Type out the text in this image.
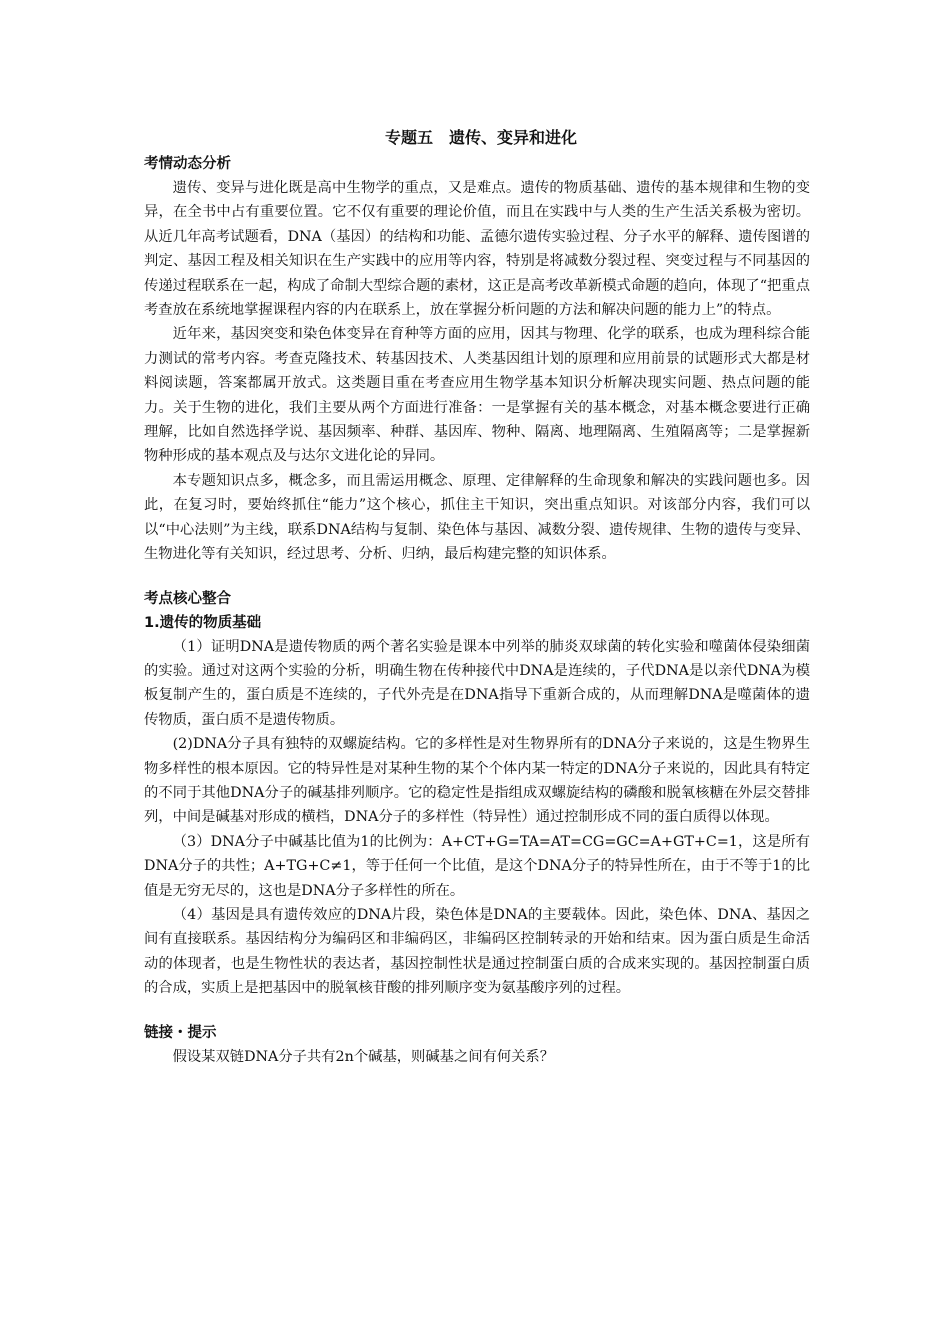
专题五　遗传、变异和进化
考情动态分析

遗传、变异与进化既是高中生物学的重点，又是难点。遗传的物质基础、遗传的基本规律和生物的变异，在全书中占有重要位置。它不仅有重要的理论价值，而且在实践中与人类的生产生活关系极为密切。从近几年高考试题看，DNA（基因）的结构和功能、孟德尔遗传实验过程、分子水平的解释、遗传图谱的判定、基因工程及相关知识在生产实践中的应用等内容，特别是将减数分裂过程、突变过程与不同基因的传递过程联系在一起，构成了命制大型综合题的素材，这正是高考改革新模式命题的趋向，体现了“把重点考查放在系统地掌握课程内容的内在联系上，放在掌握分析问题的方法和解决问题的能力上”的特点。

近年来，基因突变和染色体变异在育种等方面的应用，因其与物理、化学的联系，也成为理科综合能力测试的常考内容。考查克隆技术、转基因技术、人类基因组计划的原理和应用前景的试题形式大都是材料阅读题，答案都属开放式。这类题目重在考查应用生物学基本知识分析解决现实问题、热点问题的能力。关于生物的进化，我们主要从两个方面进行准备：一是掌握有关的基本概念，对基本概念要进行正确理解，比如自然选择学说、基因频率、种群、基因库、物种、隔离、地理隔离、生殖隔离等；二是掌握新物种形成的基本观点及与达尔文进化论的异同。

本专题知识点多，概念多，而且需运用概念、原理、定律解释的生命现象和解决的实践问题也多。因此，在复习时，要始终抓住“能力”这个核心，抓住主干知识，突出重点知识。对该部分内容，我们可以以“中心法则”为主线，联系DNA结构与复制、染色体与基因、减数分裂、遗传规律、生物的遗传与变异、生物进化等有关知识，经过思考、分析、归纳，最后构建完整的知识体系。

考点核心整合
1.遗传的物质基础

（1）证明DNA是遗传物质的两个著名实验是课本中列举的肺炎双球菌的转化实验和噬菌体侵染细菌的实验。通过对这两个实验的分析，明确生物在传种接代中DNA是连续的，子代DNA是以亲代DNA为模板复制产生的，蛋白质是不连续的，子代外壳是在DNA指导下重新合成的，从而理解DNA是噬菌体的遗传物质，蛋白质不是遗传物质。

(2)DNA分子具有独特的双螺旋结构。它的多样性是对生物界所有的DNA分子来说的，这是生物界生物多样性的根本原因。它的特异性是对某种生物的某个个体内某一特定的DNA分子来说的，因此具有特定的不同于其他DNA分子的碱基排列顺序。它的稳定性是指组成双螺旋结构的磷酸和脱氧核糖在外层交替排列，中间是碱基对形成的横档，DNA分子的多样性（特异性）通过控制形成不同的蛋白质得以体现。

（3）DNA分子中碱基比值为1的比例为：A+CT+G=TA=AT=CG=GC=A+GT+C=1，这是所有DNA分子的共性；A+TG+C≠1，等于任何一个比值，是这个DNA分子的特异性所在，由于不等于1的比值是无穷无尽的，这也是DNA分子多样性的所在。

（4）基因是具有遗传效应的DNA片段，染色体是DNA的主要载体。因此，染色体、DNA、基因之间有直接联系。基因结构分为编码区和非编码区，非编码区控制转录的开始和结束。因为蛋白质是生命活动的体现者，也是生物性状的表达者，基因控制性状是通过控制蛋白质的合成来实现的。基因控制蛋白质的合成，实质上是把基因中的脱氧核苷酸的排列顺序变为氨基酸序列的过程。

链接・提示

假设某双链DNA分子共有2n个碱基，则碱基之间有何关系？
